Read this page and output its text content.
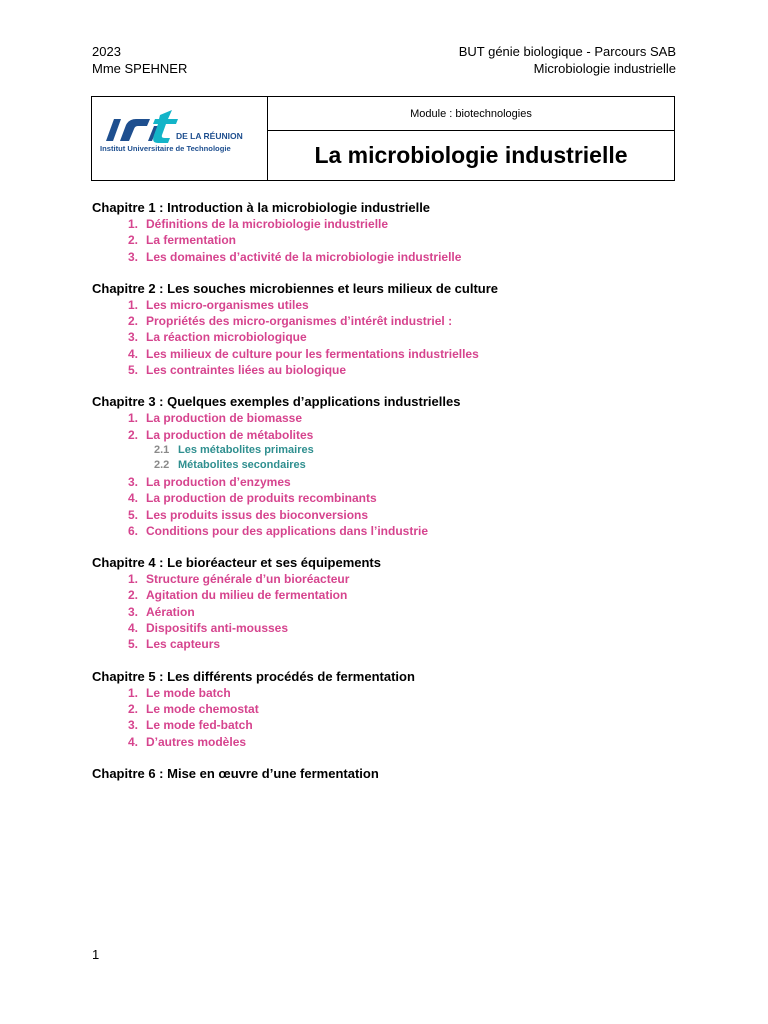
2023
Mme SPEHNER
BUT génie biologique - Parcours SAB
Microbiologie industrielle
DE LA RÉUNION
Institut Universitaire de Technologie
Module : biotechnologies
La microbiologie industrielle
Chapitre 1 : Introduction à la microbiologie industrielle
1. Définitions de la microbiologie industrielle
2. La fermentation
3. Les domaines d’activité de la microbiologie industrielle
Chapitre 2 : Les souches microbiennes et leurs milieux de culture
1. Les micro-organismes utiles
2. Propriétés des micro-organismes d’intérêt industriel :
3. La réaction microbiologique
4. Les milieux de culture pour les fermentations industrielles
5. Les contraintes liées au biologique
Chapitre 3 : Quelques exemples d’applications industrielles
1. La production de biomasse
2. La production de métabolites
2.1 Les métabolites primaires
2.2 Métabolites secondaires
3. La production d’enzymes
4. La production de produits recombinants
5. Les produits issus des bioconversions
6. Conditions pour des applications dans l’industrie
Chapitre 4 : Le bioréacteur et ses équipements
1. Structure générale d’un bioréacteur
2. Agitation du milieu de fermentation
3. Aération
4. Dispositifs anti-mousses
5. Les capteurs
Chapitre 5 : Les différents procédés de fermentation
1. Le mode batch
2. Le mode chemostat
3. Le mode fed-batch
4. D’autres modèles
Chapitre 6 : Mise en œuvre d’une fermentation
1
